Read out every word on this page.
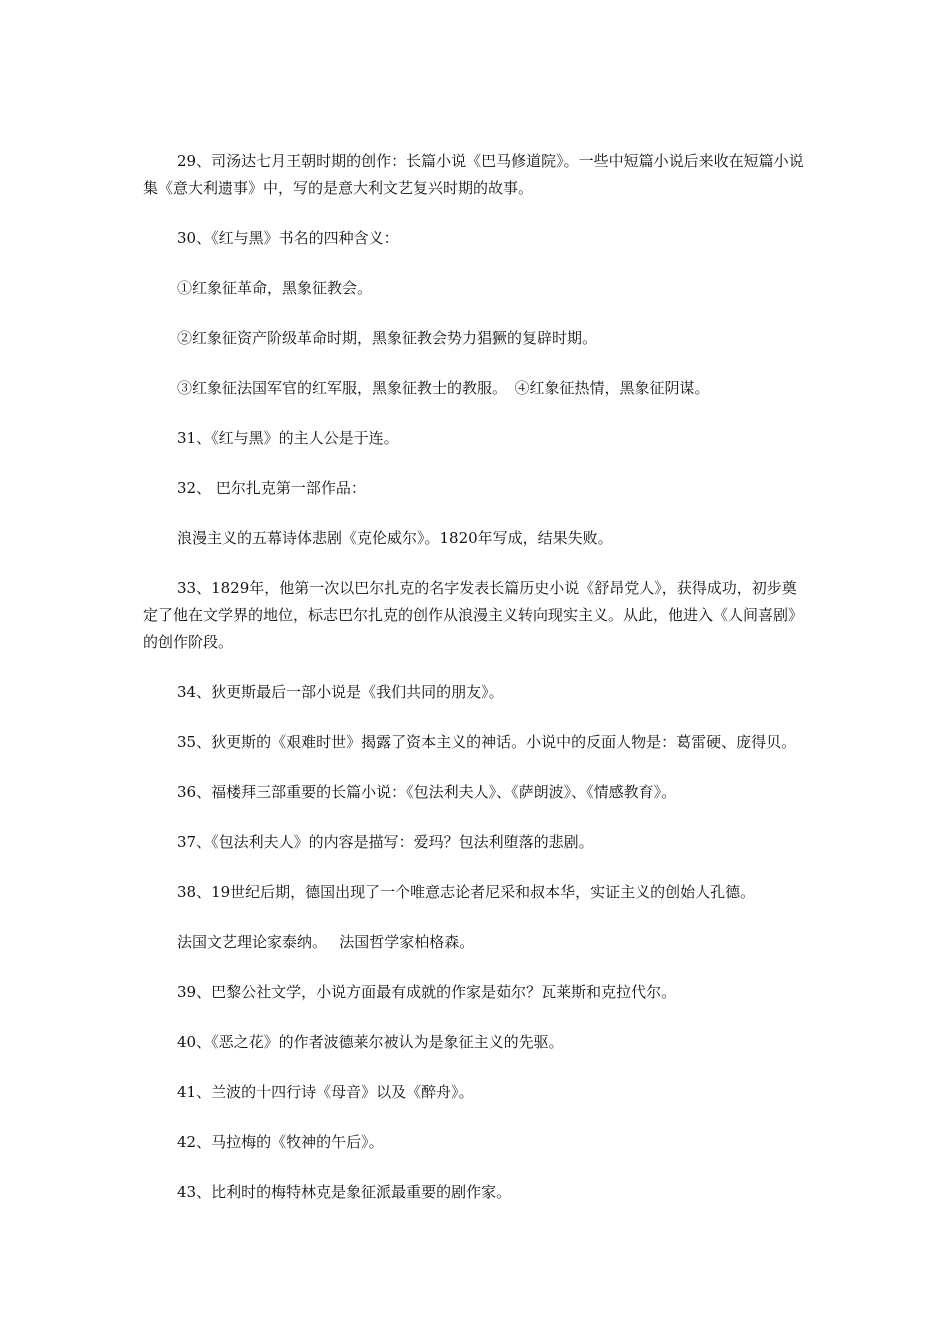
29、司汤达七月王朝时期的创作：长篇小说《巴马修道院》。一些中短篇小说后来收在短篇小说集《意大利遗事》中，写的是意大利文艺复兴时期的故事。

30、《红与黑》书名的四种含义：

①红象征革命，黑象征教会。

②红象征资产阶级革命时期，黑象征教会势力猖獗的复辟时期。

③红象征法国军官的红军服，黑象征教士的教服。　④红象征热情，黑象征阴谋。

31、《红与黑》的主人公是于连。

32、 巴尔扎克第一部作品：

浪漫主义的五幕诗体悲剧《克伦威尔》。1820年写成，结果失败。

33、1829年，他第一次以巴尔扎克的名字发表长篇历史小说《舒昂党人》，获得成功，初步奠定了他在文学界的地位，标志巴尔扎克的创作从浪漫主义转向现实主义。从此，他进入《人间喜剧》的创作阶段。

34、狄更斯最后一部小说是《我们共同的朋友》。

35、狄更斯的《艰难时世》揭露了资本主义的神话。小说中的反面人物是：葛雷硬、庞得贝。

36、福楼拜三部重要的长篇小说：《包法利夫人》、《萨朗波》、《情感教育》。

37、《包法利夫人》的内容是描写：爱玛？包法利堕落的悲剧。

38、19世纪后期，德国出现了一个唯意志论者尼采和叔本华，实证主义的创始人孔德。

法国文艺理论家泰纳。　 法国哲学家柏格森。

39、巴黎公社文学，小说方面最有成就的作家是茹尔？瓦莱斯和克拉代尔。

40、《恶之花》的作者波德莱尔被认为是象征主义的先驱。

41、兰波的十四行诗《母音》以及《醉舟》。

42、马拉梅的《牧神的午后》。

43、比利时的梅特林克是象征派最重要的剧作家。
